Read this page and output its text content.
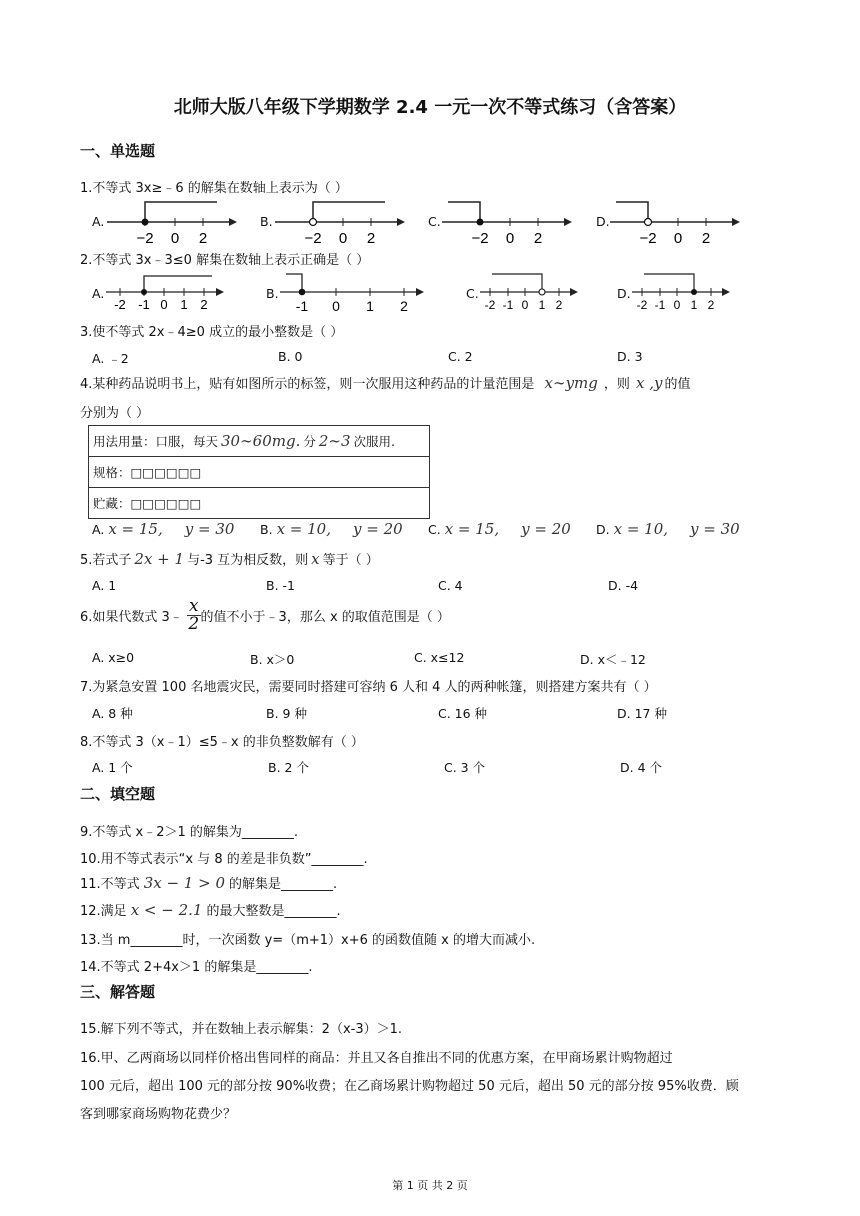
北师大版八年级下学期数学 2.4 一元一次不等式练习（含答案）
一、单选题
1.不等式 3x≥﹣6 的解集在数轴上表示为（ ）
A.	B.	C.	D.
−2 0 2	−2 0 2	−2 0 2	−2 0 2
2.不等式 3x﹣3≤0 解集在数轴上表示正确是（ ）
A.	B.	C.	D.
-2 -1 0 1 2	-1 0 1 2	-2 -1 0 1 2	-2 -1 0 1 2
3.使不等式 2x﹣4≥0 成立的最小整数是（ ）
A. ﹣2	B. 0	C. 2	D. 3
4.某种药品说明书上，贴有如图所示的标签，则一次服用这种药品的计量范围是 x∼ymg ，则 x ,y 的值
分别为（ ）
用法用量：口服，每天 30∼60mg. 分 2∼3 次服用.
规格：□□□□□□
贮藏：□□□□□□
A. x = 15, y = 30 B. x = 10, y = 20 C. x = 15, y = 20 D. x = 10, y = 30
5.若式子 2x + 1 与-3 互为相反数，则 x 等于（ ）
A. 1	B. -1	C. 4	D. -4
6.如果代数式 3﹣ $\frac{x}{2}$ 的值不小于﹣3，那么 x 的取值范围是（ ）
A. x≥0	B. x＞0	C. x≤12	D. x＜﹣12
7.为紧急安置 100 名地震灾民，需要同时搭建可容纳 6 人和 4 人的两种帐篷，则搭建方案共有（ ）
A. 8 种	B. 9 种	C. 16 种	D. 17 种
8.不等式 3（x﹣1）≤5﹣x 的非负整数解有（ ）
A. 1 个	B. 2 个	C. 3 个	D. 4 个
二、填空题
9.不等式 x﹣2＞1 的解集为________.
10.用不等式表示“x 与 8 的差是非负数”________.
11.不等式 3x − 1 > 0 的解集是________.
12.满足 x < − 2.1 的最大整数是________.
13.当 m________时，一次函数 y=（m+1）x+6 的函数值随 x 的增大而减小.
14.不等式 2+4x＞1 的解集是________.
三、解答题
15.解下列不等式，并在数轴上表示解集：2（x-3）＞1.
16.甲、乙两商场以同样价格出售同样的商品：并且又各自推出不同的优惠方案，在甲商场累计购物超过
100 元后，超出 100 元的部分按 90%收费；在乙商场累计购物超过 50 元后，超出 50 元的部分按 95%收费．顾
客到哪家商场购物花费少？
第 1 页 共 2 页
